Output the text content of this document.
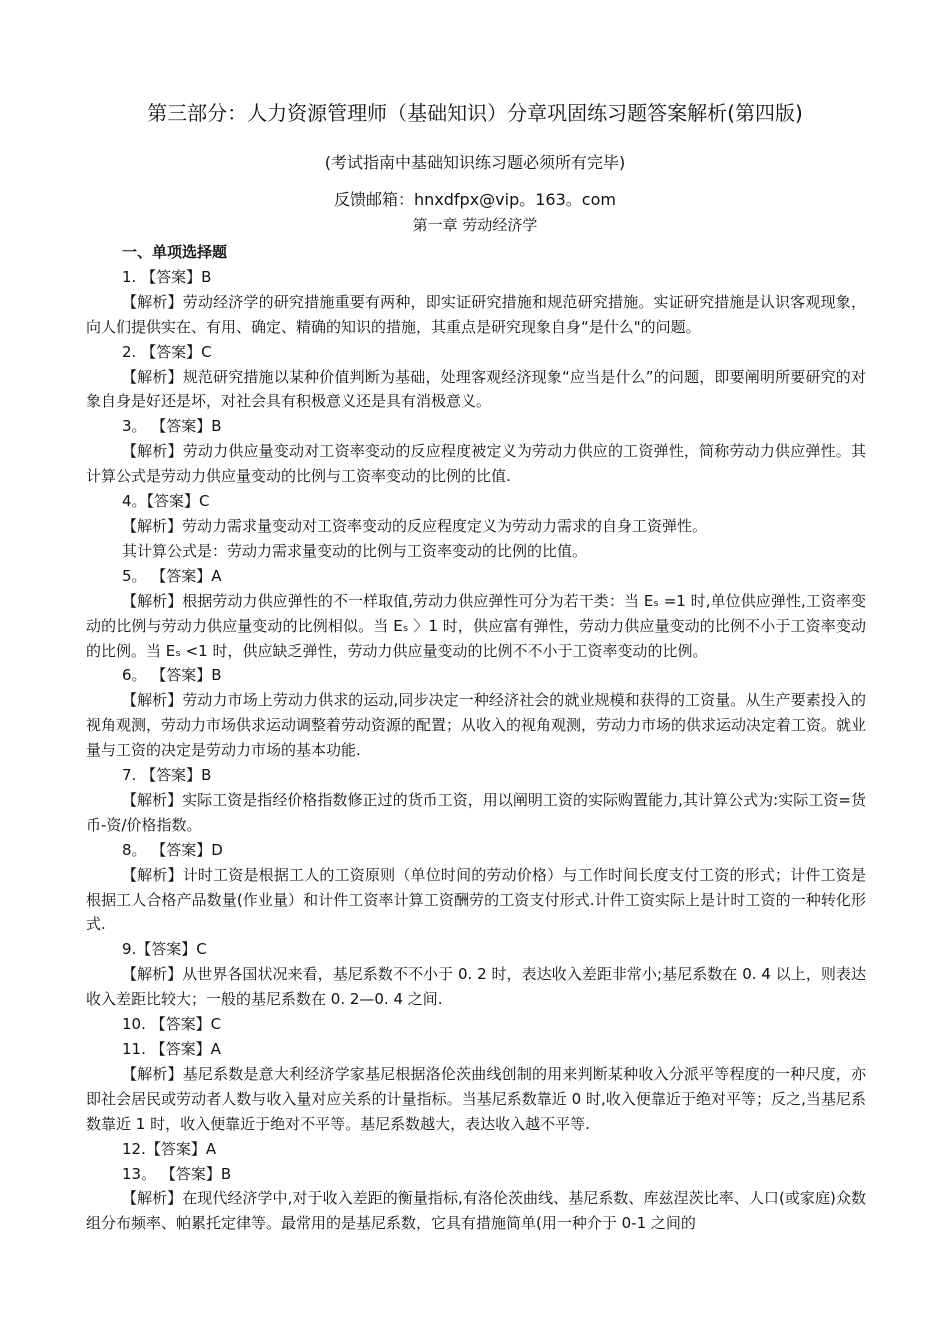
第三部分：人力资源管理师（基础知识）分章巩固练习题答案解析(第四版)
(考试指南中基础知识练习题必须所有完毕)
反馈邮箱：hnxdfpx@vip。163。com
第一章 劳动经济学

一、单项选择题

1. 【答案】B

【解析】劳动经济学的研究措施重要有两种，即实证研究措施和规范研究措施。实证研究措施是认识客观现象，向人们提供实在、有用、确定、精确的知识的措施，其重点是研究现象自身“是什么"的问题。

2. 【答案】C

【解析】规范研究措施以某种价值判断为基础，处理客观经济现象“应当是什么”的问题，即要阐明所要研究的对象自身是好还是坏，对社会具有积极意义还是具有消极意义。

3。 【答案】B

【解析】劳动力供应量变动对工资率变动的反应程度被定义为劳动力供应的工资弹性，简称劳动力供应弹性。其计算公式是劳动力供应量变动的比例与工资率变动的比例的比值.

4。【答案】C

【解析】劳动力需求量变动对工资率变动的反应程度定义为劳动力需求的自身工资弹性。

其计算公式是：劳动力需求量变动的比例与工资率变动的比例的比值。

5。 【答案】A

【解析】根据劳动力供应弹性的不一样取值,劳动力供应弹性可分为若干类：当 Eₛ =1 时,单位供应弹性,工资率变动的比例与劳动力供应量变动的比例相似。当 Eₛ 〉1 时，供应富有弹性，劳动力供应量变动的比例不小于工资率变动的比例。当 Eₛ <1 时，供应缺乏弹性，劳动力供应量变动的比例不不小于工资率变动的比例。

6。 【答案】B

【解析】劳动力市场上劳动力供求的运动,同步决定一种经济社会的就业规模和获得的工资量。从生产要素投入的视角观测，劳动力市场供求运动调整着劳动资源的配置；从收入的视角观测，劳动力市场的供求运动决定着工资。就业量与工资的决定是劳动力市场的基本功能.

7. 【答案】B

【解析】实际工资是指经价格指数修正过的货币工资，用以阐明工资的实际购置能力,其计算公式为:实际工资=货币-资/价格指数。

8。 【答案】D

【解析】计时工资是根据工人的工资原则（单位时间的劳动价格）与工作时间长度支付工资的形式；计件工资是根据工人合格产品数量(作业量）和计件工资率计算工资酬劳的工资支付形式.计件工资实际上是计时工资的一种转化形式.

9.【答案】C

【解析】从世界各国状况来看，基尼系数不不小于 0. 2 时，表达收入差距非常小;基尼系数在 0. 4 以上，则表达收入差距比较大；一般的基尼系数在 0. 2—0. 4 之间.

10. 【答案】C

11. 【答案】A

【解析】基尼系数是意大利经济学家基尼根据洛伦茨曲线创制的用来判断某种收入分派平等程度的一种尺度，亦即社会居民或劳动者人数与收入量对应关系的计量指标。当基尼系数靠近 0 时,收入便靠近于绝对平等；反之,当基尼系数靠近 1 时，收入便靠近于绝对不平等。基尼系数越大，表达收入越不平等.

12.【答案】A

13。 【答案】B

【解析】在现代经济学中,对于收入差距的衡量指标,有洛伦茨曲线、基尼系数、库兹涅茨比率、人口(或家庭)众数组分布频率、帕累托定律等。最常用的是基尼系数，它具有措施简单(用一种介于 0-1 之间的
